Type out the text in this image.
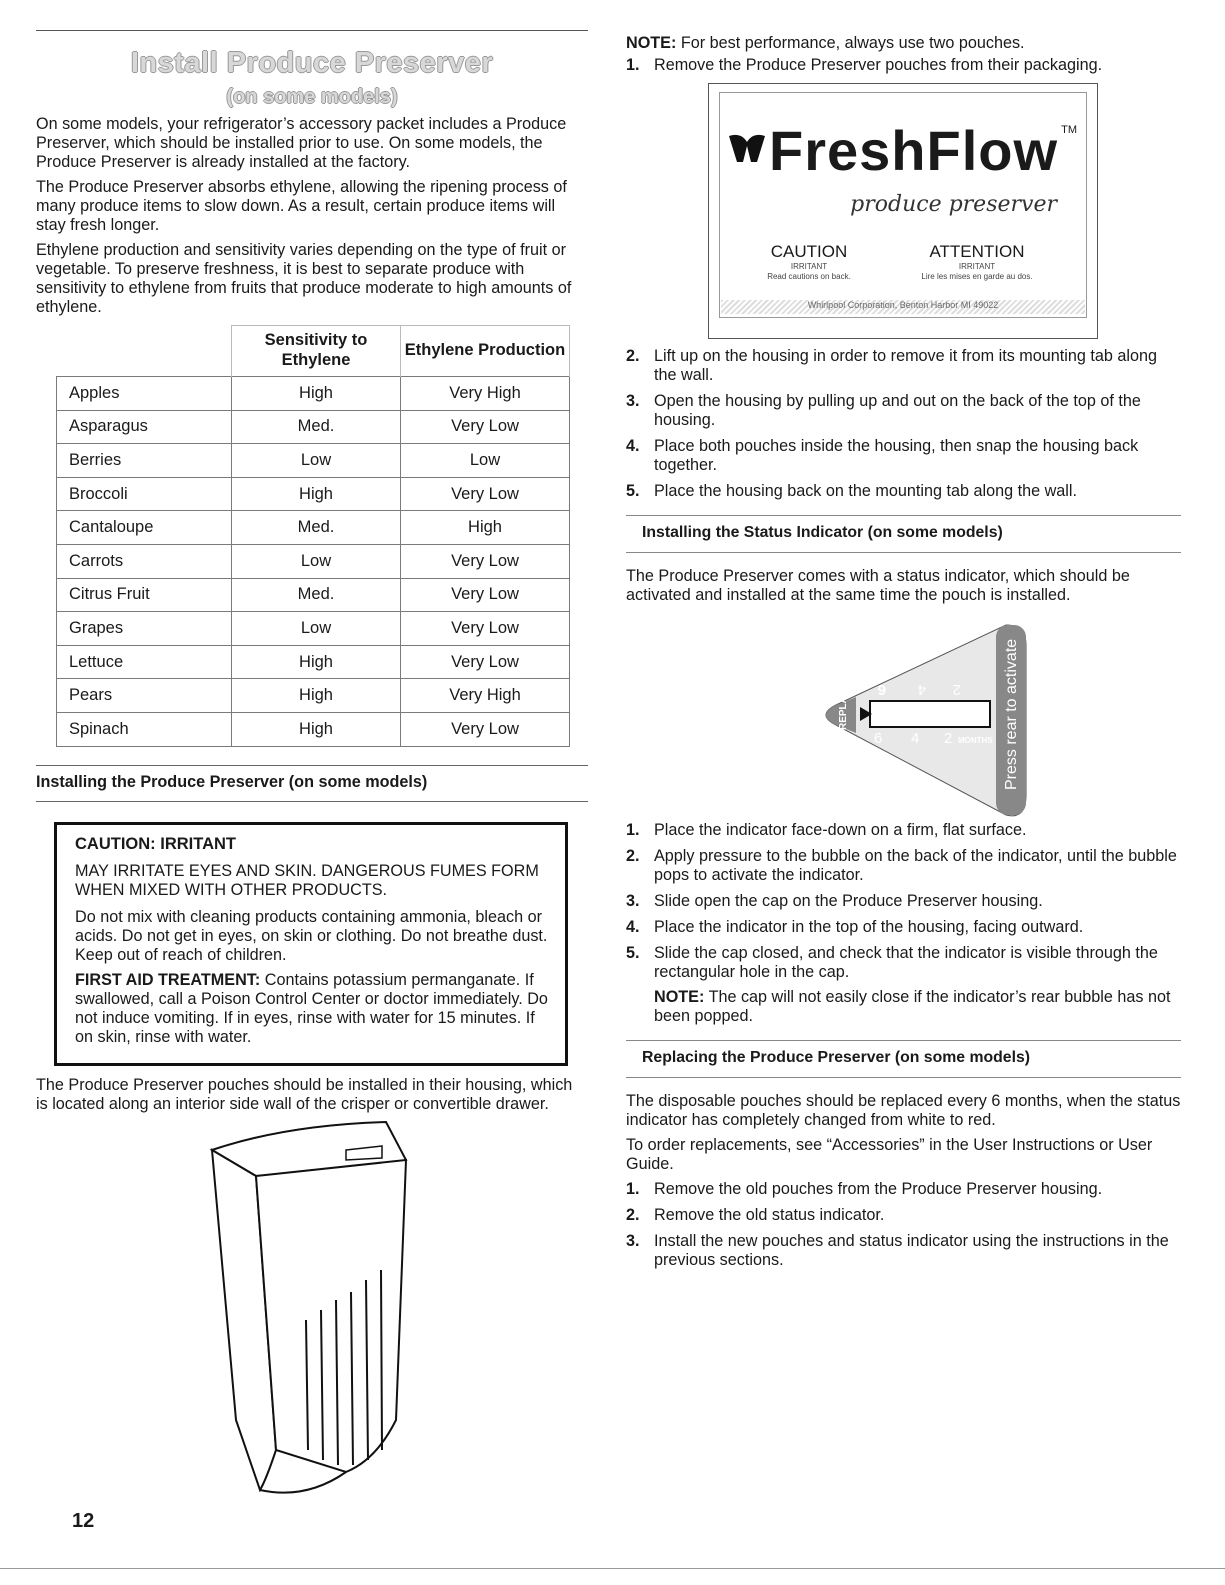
Install Produce Preserver
(on some models)

On some models, your refrigerator’s accessory packet includes a Produce Preserver, which should be installed prior to use. On some models, the Produce Preserver is already installed at the factory.

The Produce Preserver absorbs ethylene, allowing the ripening process of many produce items to slow down. As a result, certain produce items will stay fresh longer.

Ethylene production and sensitivity varies depending on the type of fruit or vegetable. To preserve freshness, it is best to separate produce with sensitivity to ethylene from fruits that produce moderate to high amounts of ethylene.

	Sensitivity to Ethylene	Ethylene Production
Apples	High	Very High
Asparagus	Med.	Very Low
Berries	Low	Low
Broccoli	High	Very Low
Cantaloupe	Med.	High
Carrots	Low	Very Low
Citrus Fruit	Med.	Very Low
Grapes	Low	Very Low
Lettuce	High	Very Low
Pears	High	Very High
Spinach	High	Very Low
Installing the Produce Preserver (on some models)
CAUTION: IRRITANT
MAY IRRITATE EYES AND SKIN. DANGEROUS FUMES FORM WHEN MIXED WITH OTHER PRODUCTS.

Do not mix with cleaning products containing ammonia, bleach or acids. Do not get in eyes, on skin or clothing. Do not breathe dust. Keep out of reach of children.

FIRST AID TREATMENT: Contains potassium permanganate. If swallowed, call a Poison Control Center or doctor immediately. Do not induce vomiting. If in eyes, rinse with water for 15 minutes. If on skin, rinse with water.

The Produce Preserver pouches should be installed in their housing, which is located along an interior side wall of the crisper or convertible drawer.

12
NOTE: For best performance, always use two pouches.
1. Remove the Produce Preserver pouches from their packaging.
FreshFlow TM
produce preserver
CAUTION
IRRITANT
Read cautions on back.
ATTENTION
IRRITANT
Lire les mises en garde au dos.
Whirlpool Corporation, Benton Harbor MI 49022
2. Lift up on the housing in order to remove it from its mounting tab along the wall.
3. Open the housing by pulling up and out on the back of the top of the housing.
4. Place both pouches inside the housing, then snap the housing back together.
5. Place the housing back on the mounting tab along the wall.
Installing the Status Indicator (on some models)

The Produce Preserver comes with a status indicator, which should be activated and installed at the same time the pouch is installed.

REPLACE 6 4 2
6 4 2 MONTHS Press rear to activate
1. Place the indicator face-down on a firm, flat surface.
2. Apply pressure to the bubble on the back of the indicator, until the bubble pops to activate the indicator.
3. Slide open the cap on the Produce Preserver housing.
4. Place the indicator in the top of the housing, facing outward.
5. Slide the cap closed, and check that the indicator is visible through the rectangular hole in the cap.
NOTE: The cap will not easily close if the indicator’s rear bubble has not been popped.
Replacing the Produce Preserver (on some models)

The disposable pouches should be replaced every 6 months, when the status indicator has completely changed from white to red.

To order replacements, see “Accessories” in the User Instructions or User Guide.

1. Remove the old pouches from the Produce Preserver housing.
2. Remove the old status indicator.
3. Install the new pouches and status indicator using the instructions in the previous sections.
